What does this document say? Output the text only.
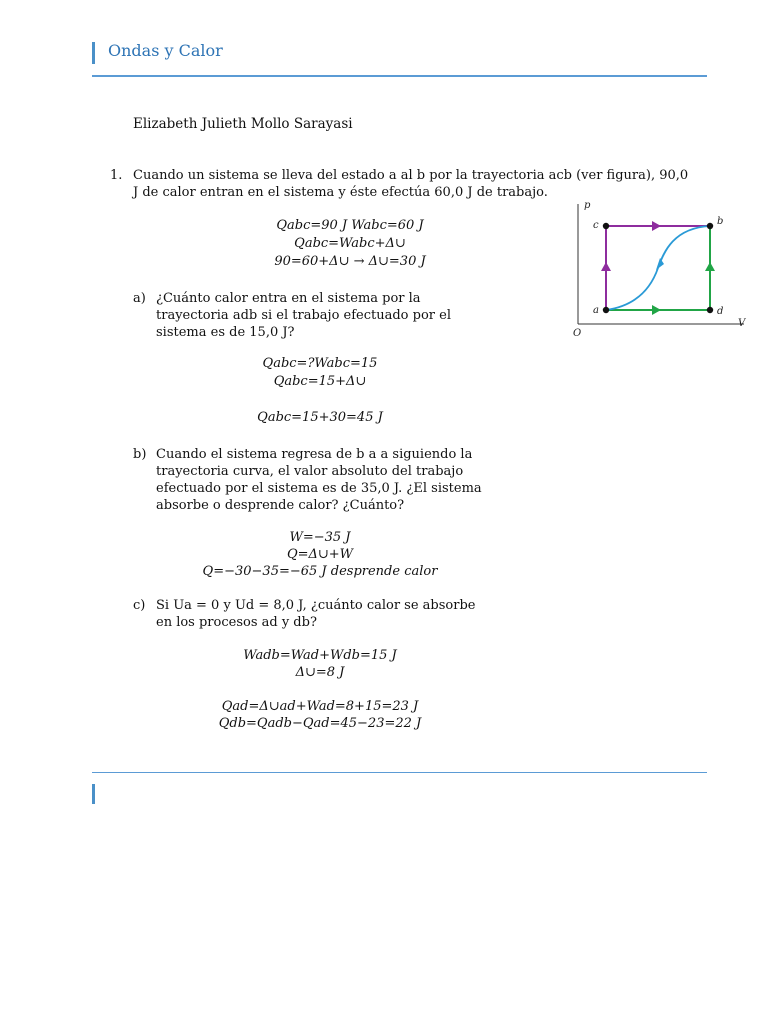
Ondas y Calor
Elizabeth Julieth Mollo Sarayasi
1. Cuando un sistema se lleva del estado a al b por la trayectoria acb (ver figura), 90,0
J de calor entran en el sistema y éste efectúa 60,0 J de trabajo.
Qabc=90 J Wabc=60 J
Qabc=Wabc+Δ∪
90=60+Δ∪ → Δ∪=30 J
a) ¿Cuánto calor entra en el sistema por la
trayectoria adb si el trabajo efectuado por el
sistema es de 15,0 J?
Qabc=?Wabc=15
Qabc=15+Δ∪
Qabc=15+30=45 J
b) Cuando el sistema regresa de b a a siguiendo la
trayectoria curva, el valor absoluto del trabajo
efectuado por el sistema es de 35,0 J. ¿El sistema
absorbe o desprende calor? ¿Cuánto?
W=−35 J
Q=Δ∪+W
Q=−30−35=−65 J desprende calor
c) Si Ua = 0 y Ud = 8,0 J, ¿cuánto calor se absorbe
en los procesos ad y db?
Wadb=Wad+Wdb=15 J
Δ∪=8 J
Qad=Δ∪ad+Wad=8+15=23 J
Qdb=Qadb−Qad=45−23=22 J
p
V
O
a
c	b
d
